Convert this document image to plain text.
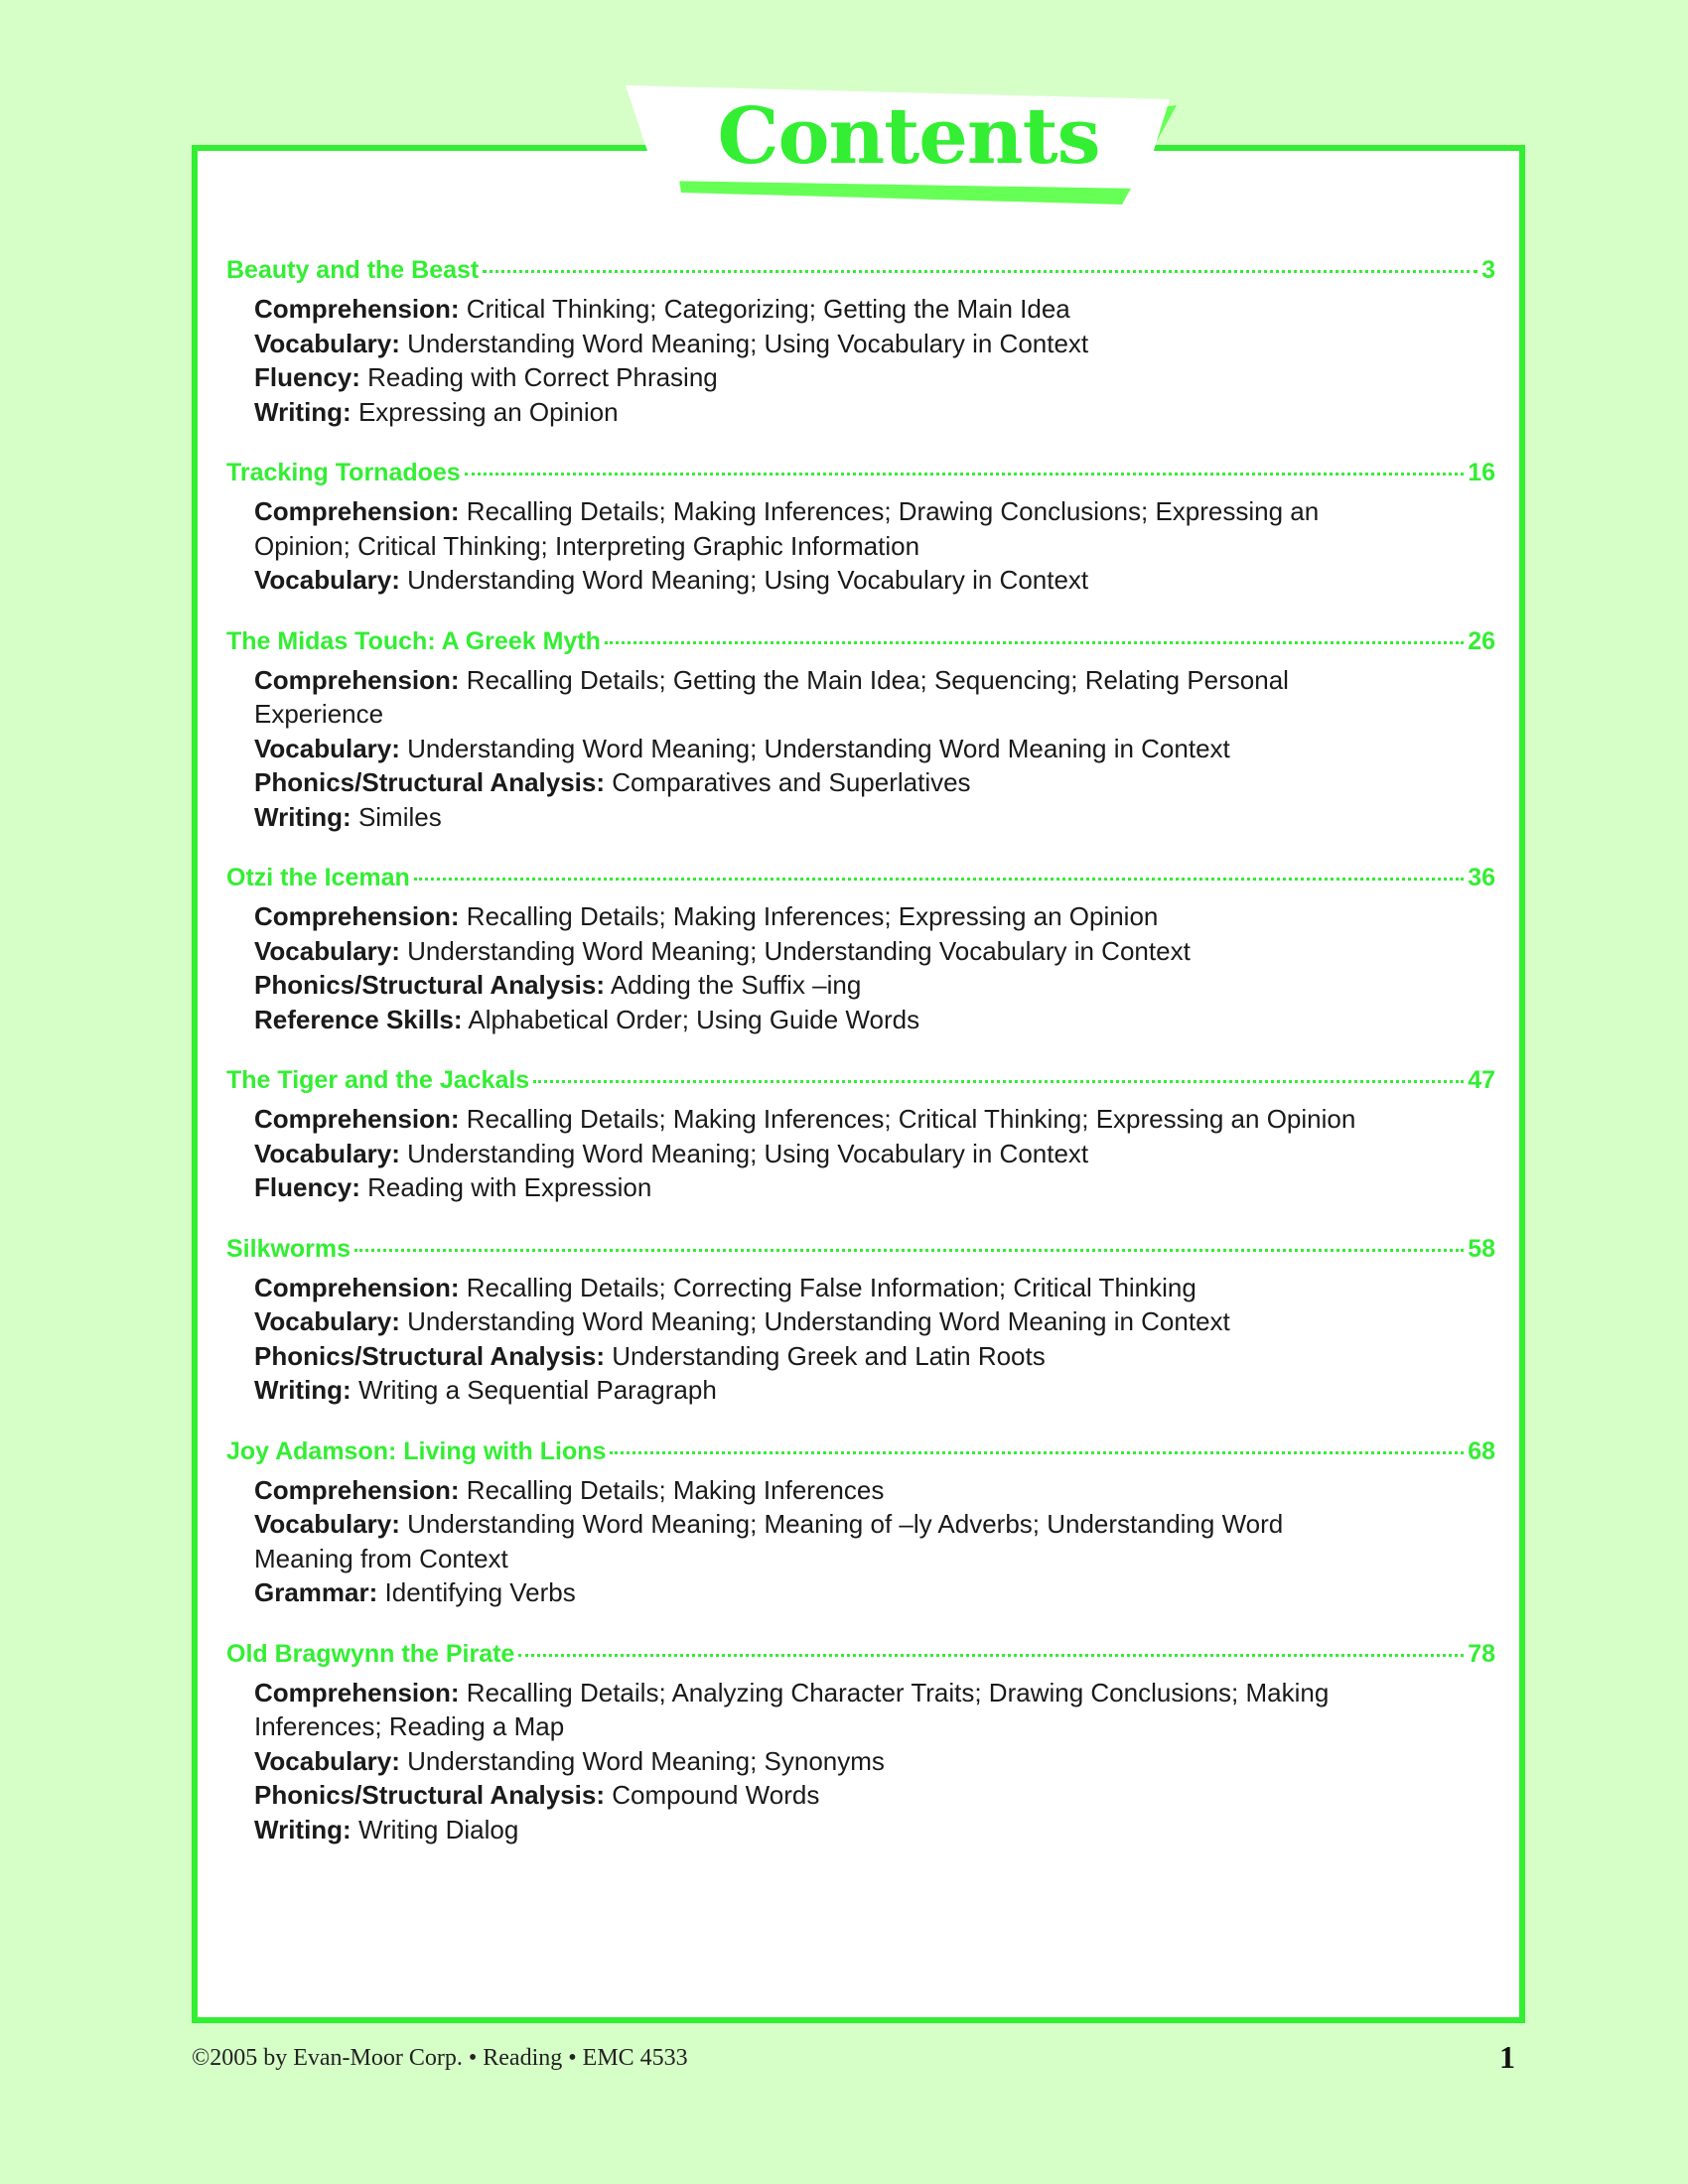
Contents
Beauty and the Beast	3
Comprehension: Critical Thinking; Categorizing; Getting the Main Idea
Vocabulary: Understanding Word Meaning; Using Vocabulary in Context
Fluency: Reading with Correct Phrasing
Writing: Expressing an Opinion
Tracking Tornadoes	16
Comprehension: Recalling Details; Making Inferences; Drawing Conclusions; Expressing an Opinion; Critical Thinking; Interpreting Graphic Information
Vocabulary: Understanding Word Meaning; Using Vocabulary in Context
The Midas Touch: A Greek Myth	26
Comprehension: Recalling Details; Getting the Main Idea; Sequencing; Relating Personal Experience
Vocabulary: Understanding Word Meaning; Understanding Word Meaning in Context
Phonics/Structural Analysis: Comparatives and Superlatives
Writing: Similes
Otzi the Iceman	36
Comprehension: Recalling Details; Making Inferences; Expressing an Opinion
Vocabulary: Understanding Word Meaning; Understanding Vocabulary in Context
Phonics/Structural Analysis: Adding the Suffix –ing
Reference Skills: Alphabetical Order; Using Guide Words
The Tiger and the Jackals	47
Comprehension: Recalling Details; Making Inferences; Critical Thinking; Expressing an Opinion
Vocabulary: Understanding Word Meaning; Using Vocabulary in Context
Fluency: Reading with Expression
Silkworms	58
Comprehension: Recalling Details; Correcting False Information; Critical Thinking
Vocabulary: Understanding Word Meaning; Understanding Word Meaning in Context
Phonics/Structural Analysis: Understanding Greek and Latin Roots
Writing: Writing a Sequential Paragraph
Joy Adamson: Living with Lions	68
Comprehension: Recalling Details; Making Inferences
Vocabulary: Understanding Word Meaning; Meaning of –ly Adverbs; Understanding Word Meaning from Context
Grammar: Identifying Verbs
Old Bragwynn the Pirate	78
Comprehension: Recalling Details; Analyzing Character Traits; Drawing Conclusions; Making Inferences; Reading a Map
Vocabulary: Understanding Word Meaning; Synonyms
Phonics/Structural Analysis: Compound Words
Writing: Writing Dialog
©2005 by Evan-Moor Corp. • Reading • EMC 4533	1
